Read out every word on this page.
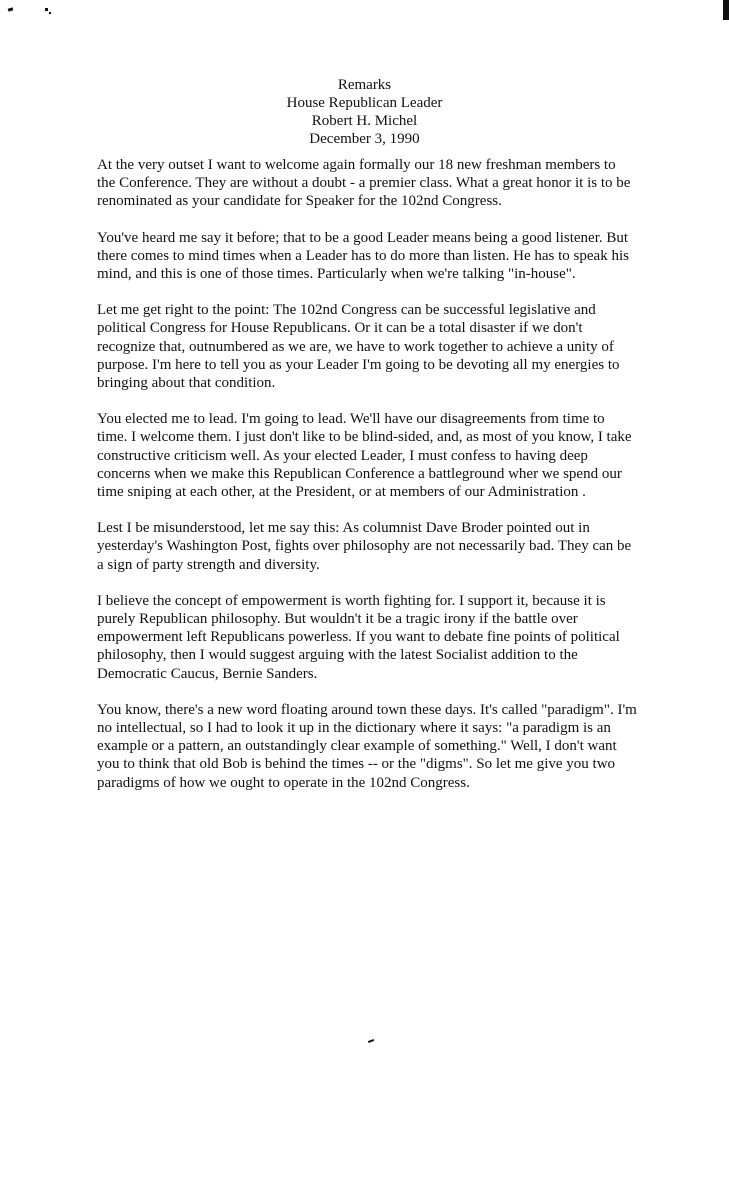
Remarks
House Republican Leader
Robert H. Michel
December 3, 1990

At the very outset I want to welcome again formally our 18 new freshman members to the Conference. They are without a doubt - a premier class. What a great honor it is to be renominated as your candidate for Speaker for the 102nd Congress.

You've heard me say it before; that to be a good Leader means being a good listener. But there comes to mind times when a Leader has to do more than listen. He has to speak his mind, and this is one of those times. Particularly when we're talking "in-house".

Let me get right to the point: The 102nd Congress can be successful legislative and political Congress for House Republicans. Or it can be a total disaster if we don't recognize that, outnumbered as we are, we have to work together to achieve a unity of purpose. I'm here to tell you as your Leader I'm going to be devoting all my energies to bringing about that condition.

You elected me to lead. I'm going to lead. We'll have our disagreements from time to time. I welcome them. I just don't like to be blind-sided, and, as most of you know, I take constructive criticism well. As your elected Leader, I must confess to having deep concerns when we make this Republican Conference a battleground wher we spend our time sniping at each other, at the President, or at members of our Administration .

Lest I be misunderstood, let me say this: As columnist Dave Broder pointed out in yesterday's Washington Post, fights over philosophy are not necessarily bad. They can be a sign of party strength and diversity.

I believe the concept of empowerment is worth fighting for. I support it, because it is purely Republican philosophy. But wouldn't it be a tragic irony if the battle over empowerment left Republicans powerless. If you want to debate fine points of political philosophy, then I would suggest arguing with the latest Socialist addition to the Democratic Caucus, Bernie Sanders.

You know, there's a new word floating around town these days. It's called "paradigm". I'm no intellectual, so I had to look it up in the dictionary where it says: "a paradigm is an example or a pattern, an outstandingly clear example of something." Well, I don't want you to think that old Bob is behind the times -- or the "digms". So let me give you two paradigms of how we ought to operate in the 102nd Congress.
